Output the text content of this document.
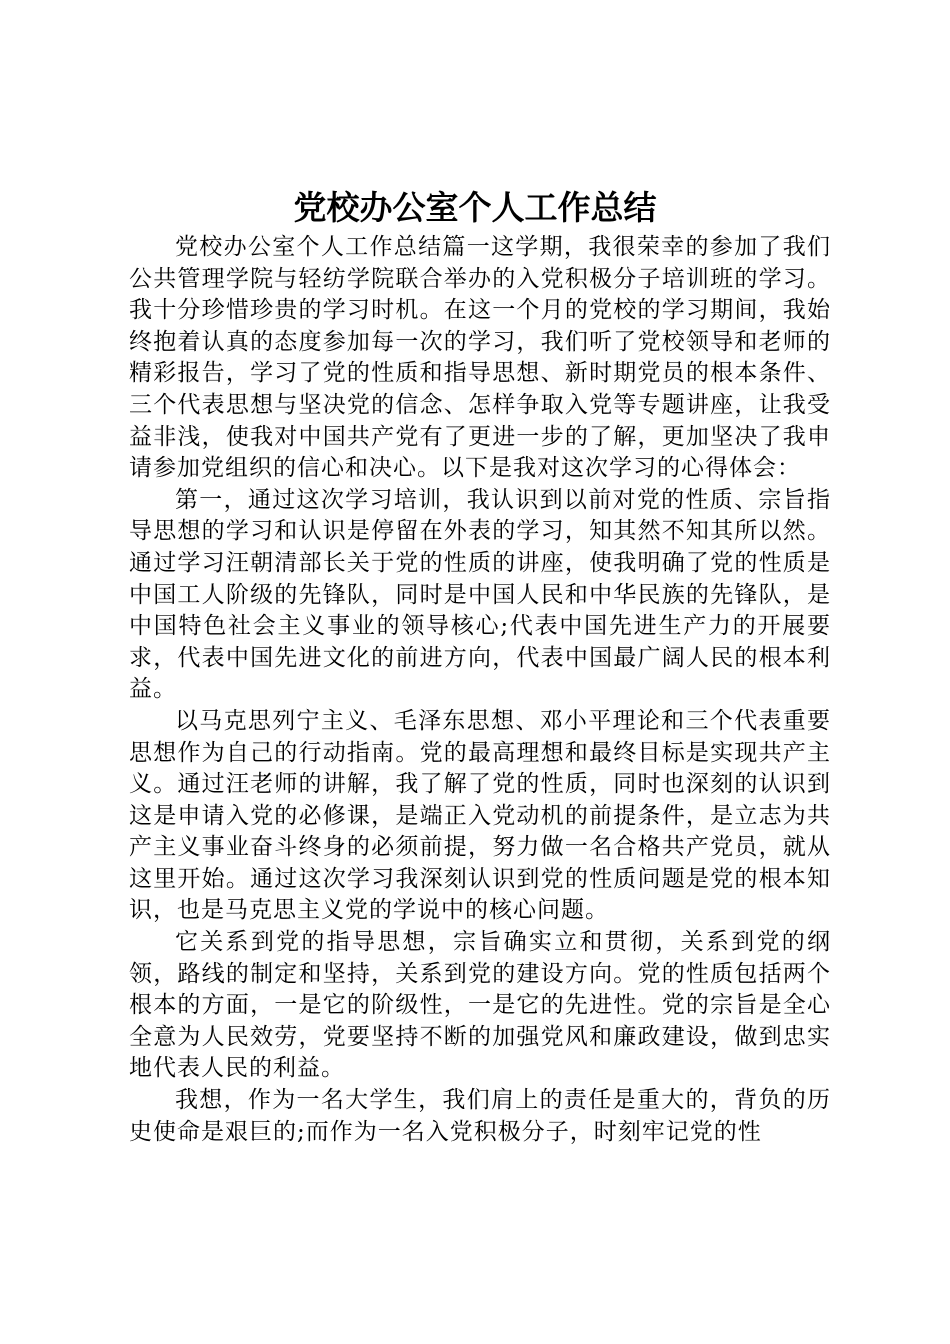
党校办公室个人工作总结

党校办公室个人工作总结篇一这学期，我很荣幸的参加了我们公共管理学院与轻纺学院联合举办的入党积极分子培训班的学习。我十分珍惜珍贵的学习时机。在这一个月的党校的学习期间，我始终抱着认真的态度参加每一次的学习，我们听了党校领导和老师的精彩报告，学习了党的性质和指导思想、新时期党员的根本条件、三个代表思想与坚决党的信念、怎样争取入党等专题讲座，让我受益非浅，使我对中国共产党有了更进一步的了解，更加坚决了我申请参加党组织的信心和决心。以下是我对这次学习的心得体会：

第一，通过这次学习培训，我认识到以前对党的性质、宗旨指导思想的学习和认识是停留在外表的学习，知其然不知其所以然。通过学习汪朝清部长关于党的性质的讲座，使我明确了党的性质是中国工人阶级的先锋队，同时是中国人民和中华民族的先锋队，是中国特色社会主义事业的领导核心;代表中国先进生产力的开展要求，代表中国先进文化的前进方向，代表中国最广阔人民的根本利益。

以马克思列宁主义、毛泽东思想、邓小平理论和三个代表重要思想作为自己的行动指南。党的最高理想和最终目标是实现共产主义。通过汪老师的讲解，我了解了党的性质，同时也深刻的认识到这是申请入党的必修课，是端正入党动机的前提条件，是立志为共产主义事业奋斗终身的必须前提，努力做一名合格共产党员，就从这里开始。通过这次学习我深刻认识到党的性质问题是党的根本知识，也是马克思主义党的学说中的核心问题。

它关系到党的指导思想，宗旨确实立和贯彻，关系到党的纲领，路线的制定和坚持，关系到党的建设方向。党的性质包括两个根本的方面，一是它的阶级性，一是它的先进性。党的宗旨是全心全意为人民效劳，党要坚持不断的加强党风和廉政建设，做到忠实地代表人民的利益。

我想，作为一名大学生，我们肩上的责任是重大的，背负的历史使命是艰巨的;而作为一名入党积极分子，时刻牢记党的性
